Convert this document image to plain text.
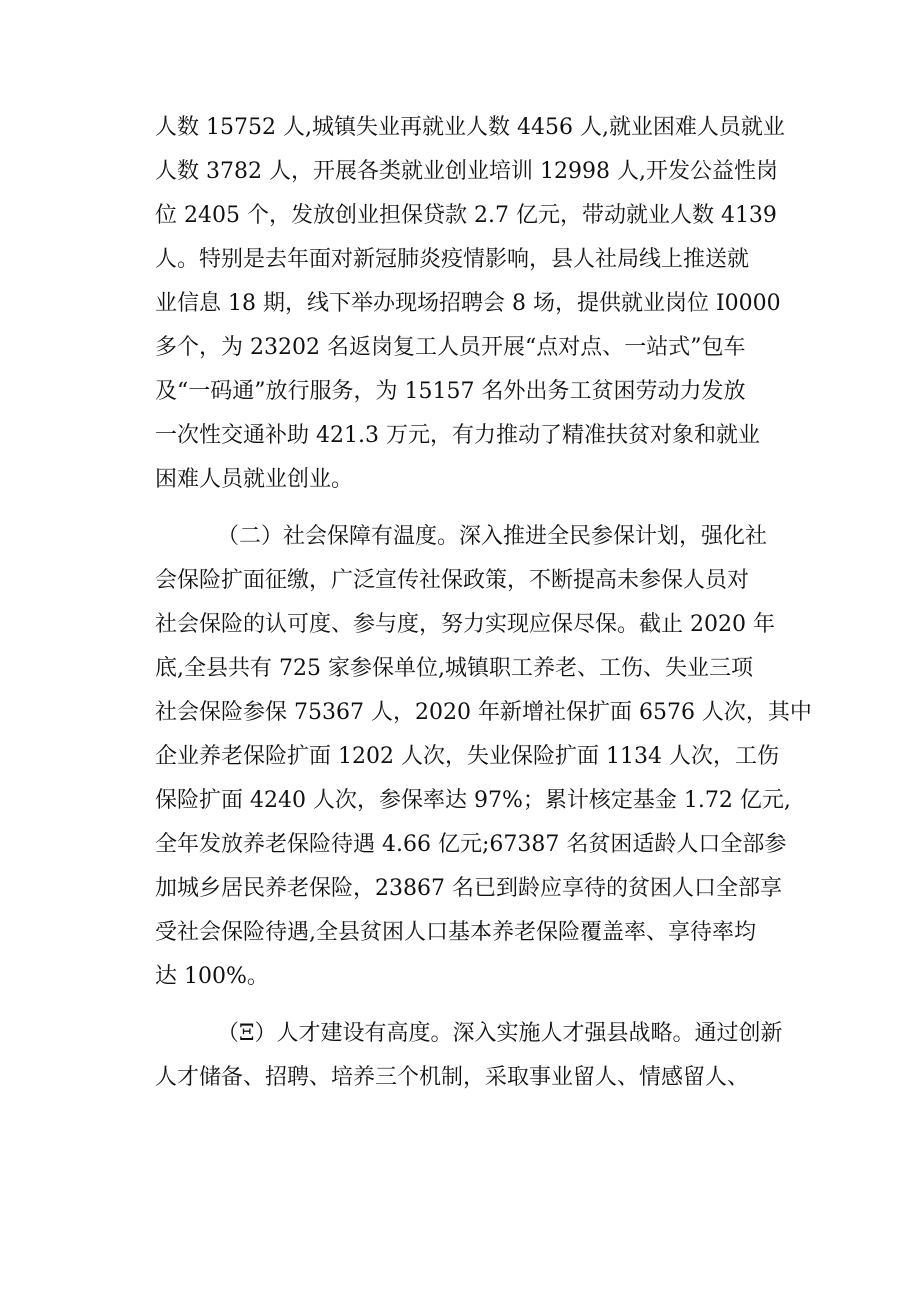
人数 15752 人,城镇失业再就业人数 4456 人,就业困难人员就业
人数 3782 人，开展各类就业创业培训 12998 人,开发公益性岗
位 2405 个，发放创业担保贷款 2.7 亿元，带动就业人数 4139
人。特别是去年面对新冠肺炎疫情影响，县人社局线上推送就
业信息 18 期，线下举办现场招聘会 8 场，提供就业岗位 I0000
多个，为 23202 名返岗复工人员开展“点对点、一站式”包车
及“一码通”放行服务，为 15157 名外出务工贫困劳动力发放
一次性交通补助 421.3 万元，有力推动了精准扶贫对象和就业
困难人员就业创业。
（二）社会保障有温度。深入推进全民参保计划，强化社
会保险扩面征缴，广泛宣传社保政策，不断提高未参保人员对
社会保险的认可度、参与度，努力实现应保尽保。截止 2020 年
底,全县共有 725 家参保单位,城镇职工养老、工伤、失业三项
社会保险参保 75367 人，2020 年新增社保扩面 6576 人次，其中
企业养老保险扩面 1202 人次，失业保险扩面 1134 人次，工伤
保险扩面 4240 人次，参保率达 97%；累计核定基金 1.72 亿元,
全年发放养老保险待遇 4.66 亿元;67387 名贫困适龄人口全部参
加城乡居民养老保险，23867 名已到龄应享待的贫困人口全部享
受社会保险待遇,全县贫困人口基本养老保险覆盖率、享待率均
达 100%。
（Ξ）人才建设有高度。深入实施人才强县战略。通过创新
人才储备、招聘、培养三个机制，采取事业留人、情感留人、
